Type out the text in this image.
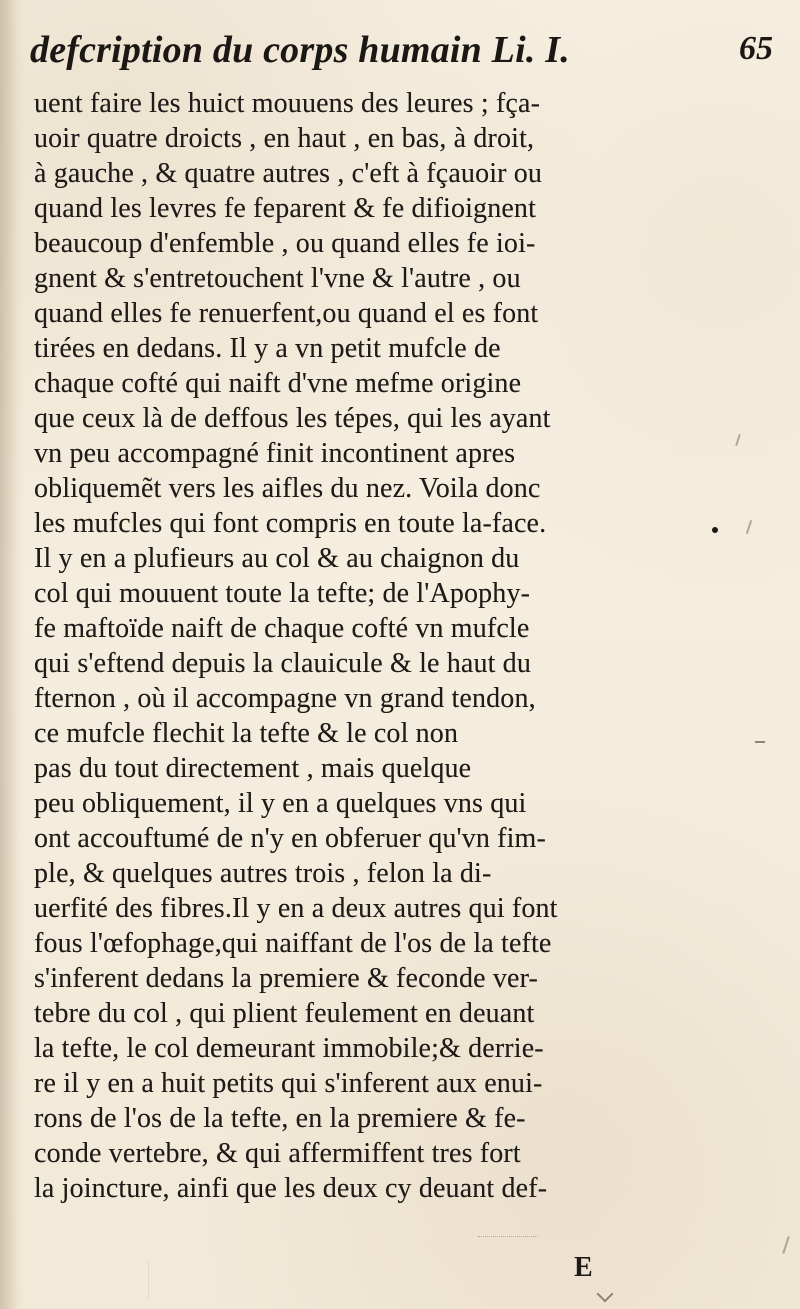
defcription du corps humain Li. I.	65
uent faire les huict mouuens des leures ; fça-
uoir quatre droicts , en haut , en bas, à droit,
à gauche , & quatre autres , c'eft à fçauoir ou
quand les levres fe feparent & fe difioignent
beaucoup d'enfemble , ou quand elles fe ioi-
gnent & s'entretouchent l'vne & l'autre , ou
quand elles fe renuerfent,ou quand el es font
tirées en dedans. Il y a vn petit mufcle de
chaque cofté qui naift d'vne mefme origine
que ceux là de deffous les tépes, qui les ayant
vn peu accompagné finit incontinent apres
obliquemẽt vers les aifles du nez. Voila donc
les mufcles qui font compris en toute la-face.
Il y en a plufieurs au col & au chaignon du
col qui mouuent toute la tefte; de l'Apophy-
fe maftoïde naift de chaque cofté vn mufcle
qui s'eftend depuis la clauicule & le haut du
fternon , où il accompagne vn grand tendon,
ce mufcle flechit la tefte & le col non
pas du tout directement , mais quelque
peu obliquement, il y en a quelques vns qui
ont accouftumé de n'y en obferuer qu'vn fim-
ple, & quelques autres trois , felon la di-
uerfité des fibres.Il y en a deux autres qui font
fous l'œfophage,qui naiffant de l'os de la tefte
s'inferent dedans la premiere & feconde ver-
tebre du col , qui plient feulement en deuant
la tefte, le col demeurant immobile;& derrie-
re il y en a huit petits qui s'inferent aux enui-
rons de l'os de la tefte, en la premiere & fe-
conde vertebre, & qui affermiffent tres fort
la joincture, ainfi que les deux cy deuant def-
E
